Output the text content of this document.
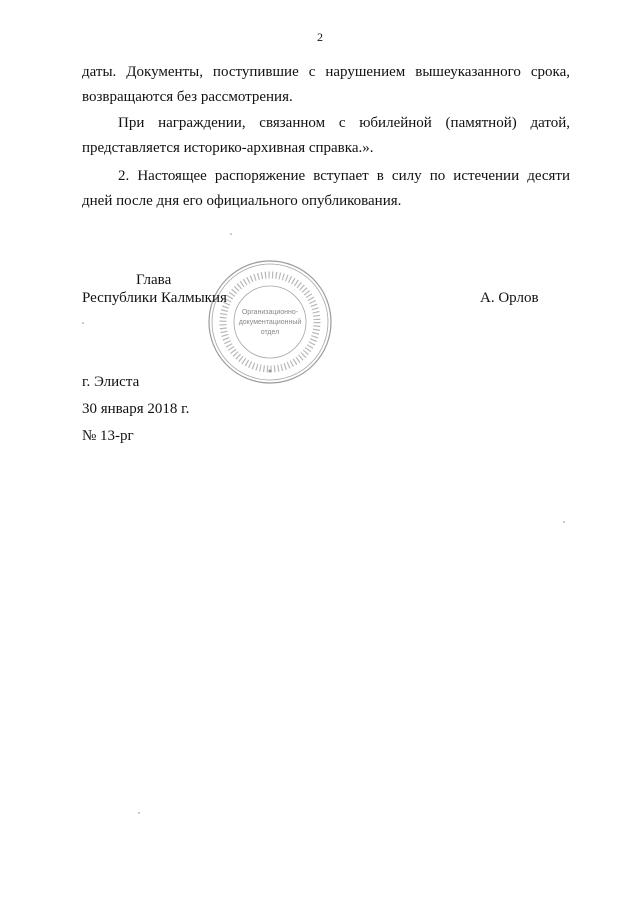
2
даты. Документы, поступившие с нарушением вышеуказанного срока,
возвращаются без рассмотрения.
При награждении, связанном с юбилейной (памятной) датой,
представляется историко-архивная справка.».
2. Настоящее распоряжение вступает в силу по истечении десяти
дней после дня его официального опубликования.
Организационно-
документационный
отдел
Глава
Республики Калмыкия	А. Орлов
г. Элиста
30 января 2018 г.
№ 13-рг
